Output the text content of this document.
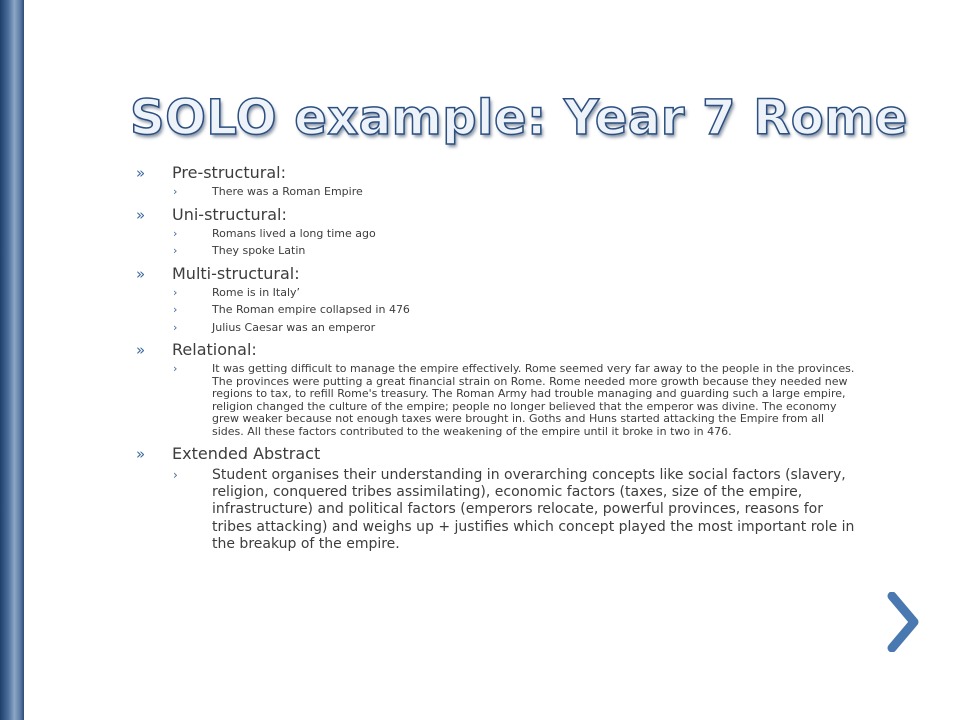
SOLO example: Year 7 Rome
»	Pre-structural:
›	There was a Roman Empire
»	Uni-structural:
›	Romans lived a long time ago
›	They spoke Latin
»	Multi-structural:
›	Rome is in Italy’
›	The Roman empire collapsed in 476
›	Julius Caesar was an emperor
»	Relational:
›	It was getting difficult to manage the empire effectively. Rome seemed very far away to the people in the provinces. The provinces were putting a great financial strain on Rome. Rome needed more growth because they needed new regions to tax, to refill Rome's treasury. The Roman Army had trouble managing and guarding such a large empire, religion changed the culture of the empire; people no longer believed that the emperor was divine. The economy grew weaker because not enough taxes were brought in. Goths and Huns started attacking the Empire from all sides. All these factors contributed to the weakening of the empire until it broke in two in 476.
»	Extended Abstract
›	Student organises their understanding in overarching concepts like social factors (slavery, religion, conquered tribes assimilating), economic factors (taxes, size of the empire, infrastructure) and political factors (emperors relocate, powerful provinces, reasons for tribes attacking) and weighs up + justifies which concept played the most important role in the breakup of the empire.
